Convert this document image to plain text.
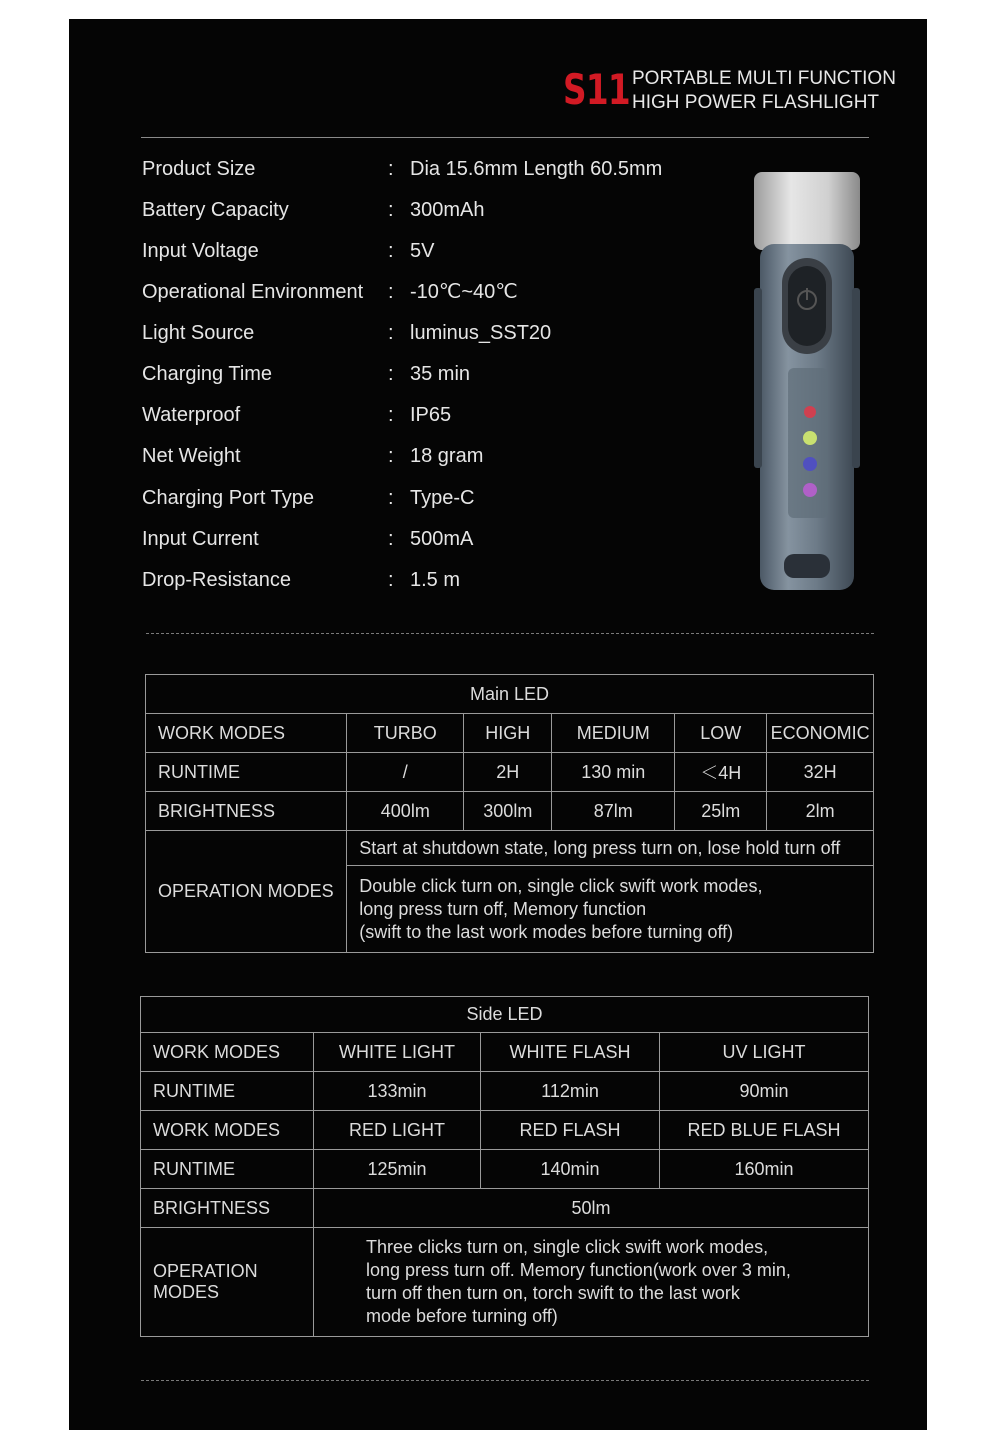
S11 PORTABLE MULTI FUNCTION
HIGH POWER FLASHLIGHT
Product Size	: Dia 15.6mm Length 60.5mm
Battery Capacity	: 300mAh
Input Voltage	: 5V
Operational Environment : -10℃~40℃
Light Source	: luminus_SST20
Charging Time	: 35 min
Waterproof	: IP65
Net Weight	: 18 gram
Charging Port Type	: Type-C
Input Current	: 500mA
Drop-Resistance	: 1.5 m
Main LED					
WORK MODES	TURBO	HIGH	MEDIUM	LOW	ECONOMIC
RUNTIME	/	2H	130 min	＜4H	32H
BRIGHTNESS	400lm	300lm	87lm	25lm	2lm
OPERATION MODES	Start at shutdown state, long press turn on, lose hold turn off				

	Double click turn on, single click swift work modes,
long press turn off, Memory function
(swift to the last work modes before turning off)				
Side LED			
WORK MODES	WHITE LIGHT	WHITE FLASH	UV LIGHT
RUNTIME	133min	112min	90min
WORK MODES	RED LIGHT	RED FLASH	RED BLUE FLASH
RUNTIME	125min	140min	160min
BRIGHTNESS	50lm		
OPERATION MODES	Three clicks turn on, single click swift work modes,
long press turn off. Memory function(work over 3 min,
turn off then turn on, torch swift to the last work
mode before turning off)		
